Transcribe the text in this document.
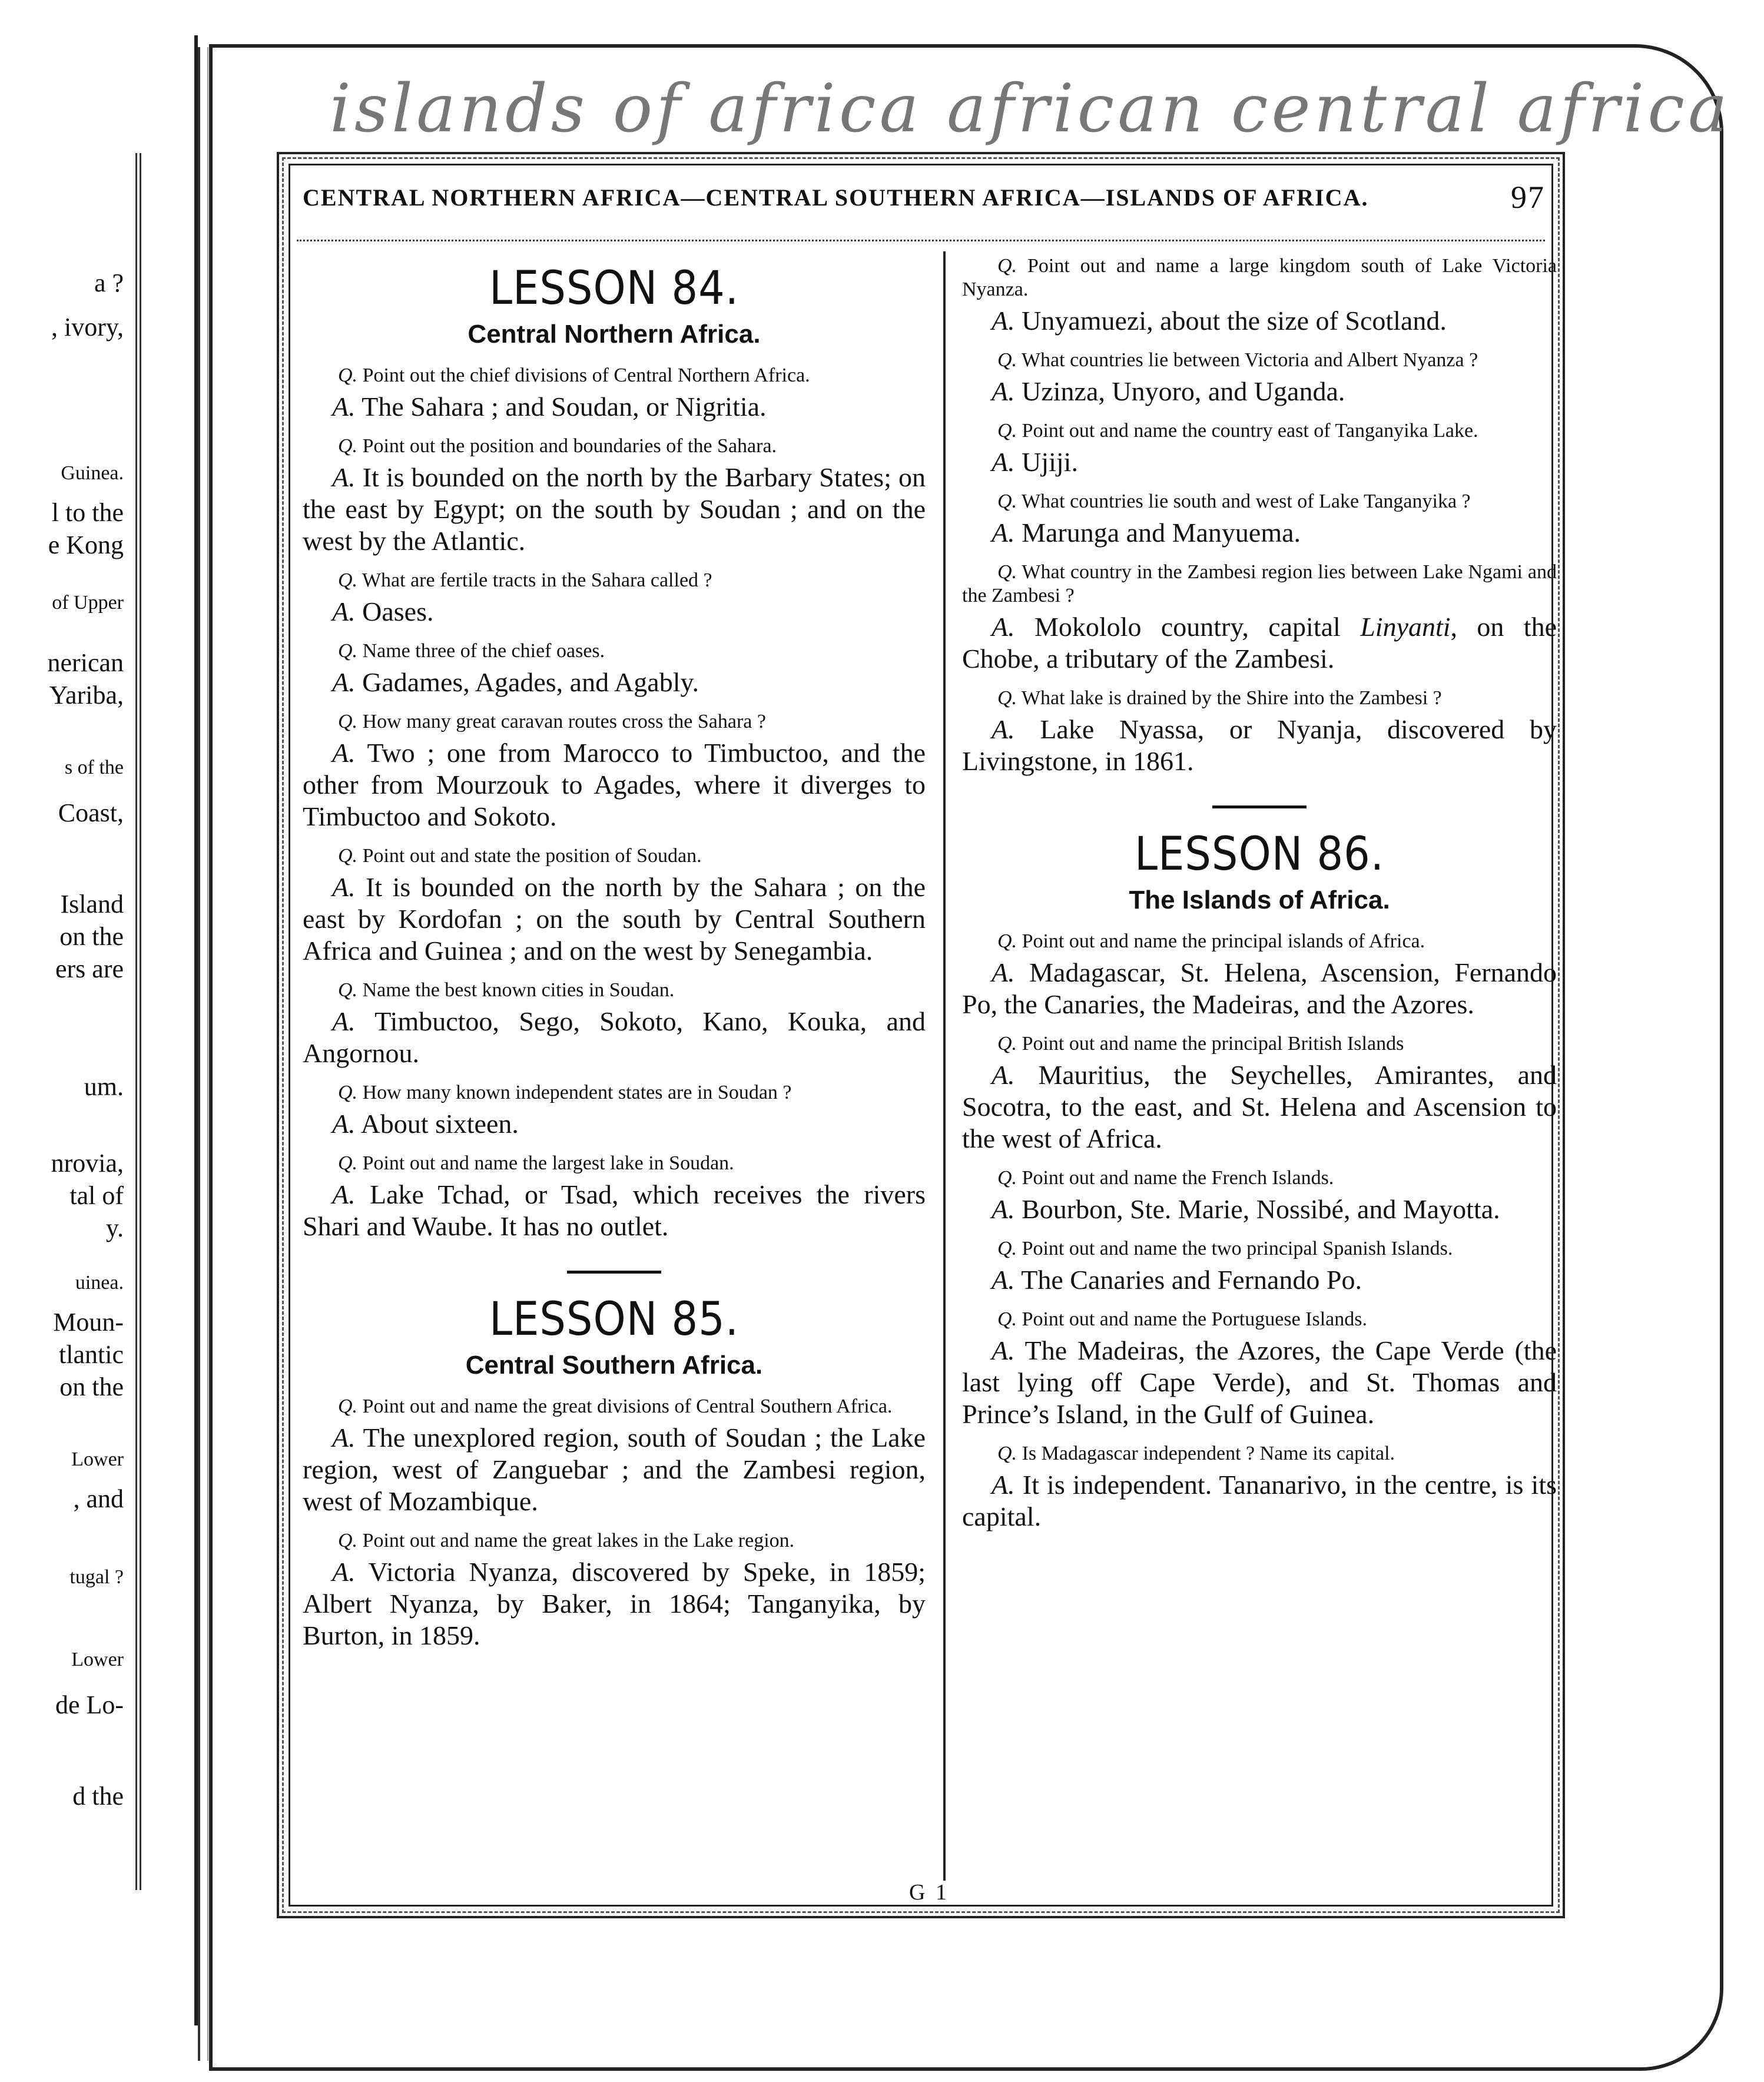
a ?
, ivory,
Guinea.
l to the
e Kong
of Upper
nerican
Yariba,
s of the
Coast,
Island
on the
ers are
um.
nrovia,
tal of
y.
uinea.
Moun-
tlantic
on the
Lower
, and
tugal ?
Lower
de Lo-
d the
islands of africa african central africa
CENTRAL NORTHERN AFRICA—CENTRAL SOUTHERN AFRICA—ISLANDS OF AFRICA.	97
LESSON 84.
Central Northern Africa.
Q. Point out the chief divisions of Central Northern Africa.
A. The Sahara ; and Soudan, or Nigritia.
Q. Point out the position and boundaries of the Sahara.
A. It is bounded on the north by the Barbary States; on the east by Egypt; on the south by Soudan ; and on the west by the Atlantic.
Q. What are fertile tracts in the Sahara called ?
A. Oases.
Q. Name three of the chief oases.
A. Gadames, Agades, and Agably.
Q. How many great caravan routes cross the Sahara ?
A. Two ; one from Marocco to Timbuctoo, and the other from Mourzouk to Agades, where it diverges to Timbuctoo and Sokoto.
Q. Point out and state the position of Soudan.
A. It is bounded on the north by the Sahara ; on the east by Kordofan ; on the south by Central Southern Africa and Guinea ; and on the west by Senegambia.
Q. Name the best known cities in Soudan.
A. Timbuctoo, Sego, Sokoto, Kano, Kouka, and Angornou.
Q. How many known independent states are in Soudan ?
A. About sixteen.
Q. Point out and name the largest lake in Soudan.
A. Lake Tchad, or Tsad, which receives the rivers Shari and Waube. It has no outlet.
LESSON 85.
Central Southern Africa.
Q. Point out and name the great divisions of Central Southern Africa.
A. The unexplored region, south of Soudan ; the Lake region, west of Zanguebar ; and the Zambesi region, west of Mozambique.
Q. Point out and name the great lakes in the Lake region.
A. Victoria Nyanza, discovered by Speke, in 1859; Albert Nyanza, by Baker, in 1864; Tanganyika, by Burton, in 1859.
Q. Point out and name a large kingdom south of Lake Victoria Nyanza.
A. Unyamuezi, about the size of Scotland.
Q. What countries lie between Victoria and Albert Nyanza ?
A. Uzinza, Unyoro, and Uganda.
Q. Point out and name the country east of Tanganyika Lake.
A. Ujiji.
Q. What countries lie south and west of Lake Tanganyika ?
A. Marunga and Manyuema.
Q. What country in the Zambesi region lies between Lake Ngami and the Zambesi ?
A. Mokololo country, capital Linyanti, on the Chobe, a tributary of the Zambesi.
Q. What lake is drained by the Shire into the Zambesi ?
A. Lake Nyassa, or Nyanja, discovered by Livingstone, in 1861.
LESSON 86.
The Islands of Africa.
Q. Point out and name the principal islands of Africa.
A. Madagascar, St. Helena, Ascension, Fernando Po, the Canaries, the Madeiras, and the Azores.
Q. Point out and name the principal British Islands
A. Mauritius, the Seychelles, Amirantes, and Socotra, to the east, and St. Helena and Ascension to the west of Africa.
Q. Point out and name the French Islands.
A. Bourbon, Ste. Marie, Nossibé, and Mayotta.
Q. Point out and name the two principal Spanish Islands.
A. The Canaries and Fernando Po.
Q. Point out and name the Portuguese Islands.
A. The Madeiras, the Azores, the Cape Verde (the last lying off Cape Verde), and St. Thomas and Prince’s Island, in the Gulf of Guinea.
Q. Is Madagascar independent ? Name its capital.
A. It is independent. Tananarivo, in the centre, is its capital.
G 1
